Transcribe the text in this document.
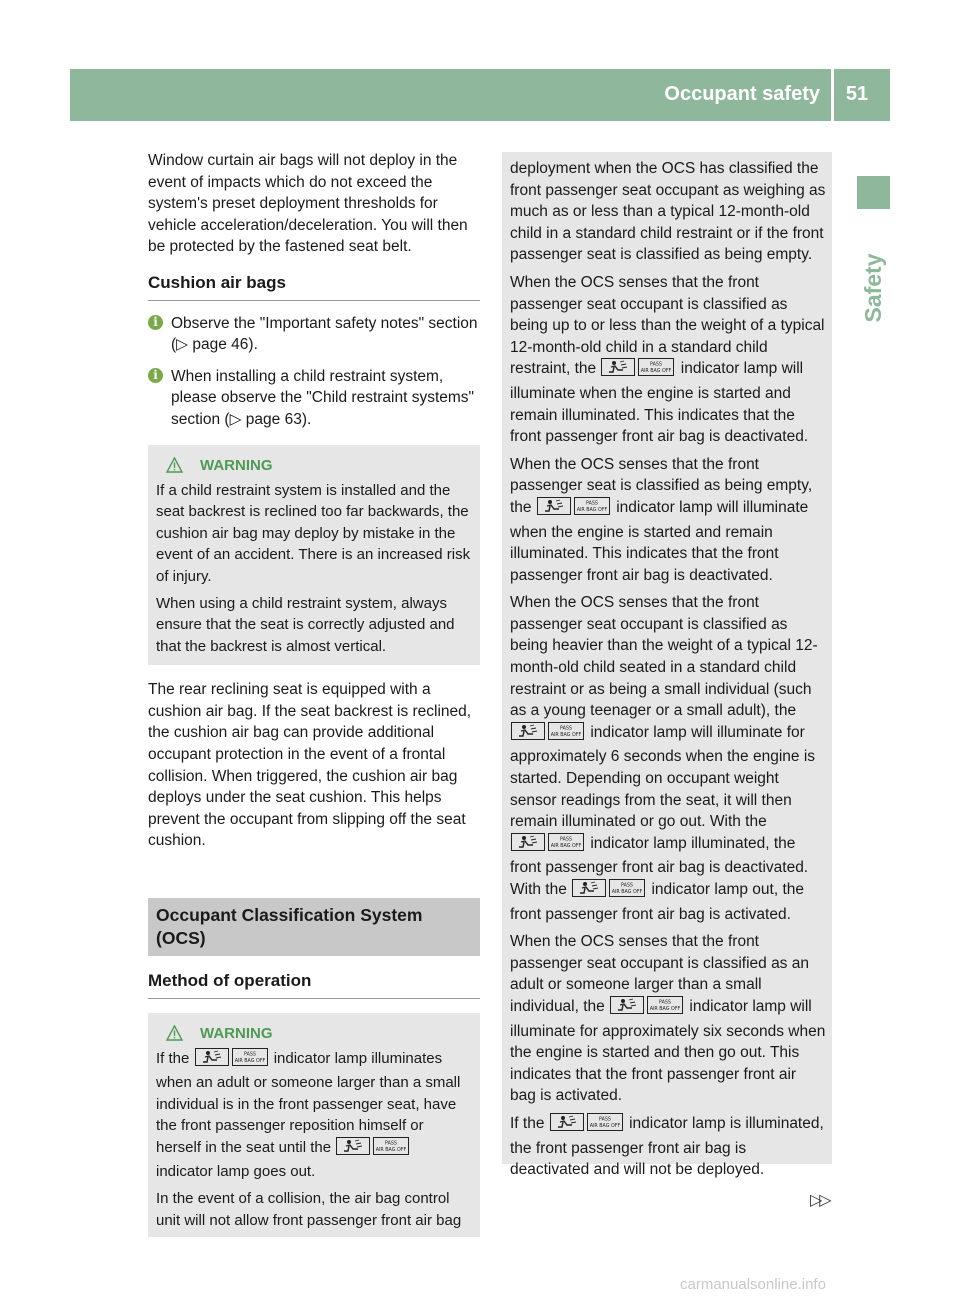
Occupant safety	51
Safety

Window curtain air bags will not deploy in the event of impacts which do not exceed the system's preset deployment thresholds for vehicle acceleration/deceleration. You will then be protected by the fastened seat belt.

Cushion air bags
i Observe the "Important safety notes" section (▷ page 46).
i When installing a child restraint system, please observe the "Child restraint systems" section (▷ page 63).
WARNING

If a child restraint system is installed and the seat backrest is reclined too far backwards, the cushion air bag may deploy by mistake in the event of an accident. There is an increased risk of injury.

When using a child restraint system, always ensure that the seat is correctly adjusted and that the backrest is almost vertical.

The rear reclining seat is equipped with a cushion air bag. If the seat backrest is reclined, the cushion air bag can provide additional occupant protection in the event of a frontal collision. When triggered, the cushion air bag deploys under the seat cushion. This helps prevent the occupant from slipping off the seat cushion.

Occupant Classification System (OCS)
Method of operation
WARNING

If the	PASS
AIR BAG OFF indicator lamp illuminates when an adult or someone larger than a small individual is in the front passenger seat, have the front passenger reposition himself or herself in the seat until the	PASS
AIR BAG OFF
indicator lamp goes out.

In the event of a collision, the air bag control unit will not allow front passenger front air bag

deployment when the OCS has classified the front passenger seat occupant as weighing as much as or less than a typical 12-month-old child in a standard child restraint or if the front passenger seat is classified as being empty.

When the OCS senses that the front passenger seat occupant is classified as being up to or less than the weight of a typical 12-month-old child in a standard child restraint, the	PASS
AIR BAG OFF indicator lamp will illuminate when the engine is started and remain illuminated. This indicates that the front passenger front air bag is deactivated.

When the OCS senses that the front passenger seat is classified as being empty, the	PASS
AIR BAG OFF indicator lamp will illuminate when the engine is started and remain illuminated. This indicates that the front passenger front air bag is deactivated.

When the OCS senses that the front passenger seat occupant is classified as being heavier than the weight of a typical 12-month-old child seated in a standard child restraint or as being a small individual (such as a young teenager or a small adult), the
PASS
AIR BAG OFF indicator lamp will illuminate for approximately 6 seconds when the engine is started. Depending on occupant weight sensor readings from the seat, it will then remain illuminated or go out. With the
PASS
AIR BAG OFF indicator lamp illuminated, the front passenger front air bag is deactivated. With the	PASS
AIR BAG OFF indicator lamp out, the front passenger front air bag is activated.

When the OCS senses that the front passenger seat occupant is classified as an adult or someone larger than a small individual, the	PASS
AIR BAG OFF indicator lamp will illuminate for approximately six seconds when the engine is started and then go out. This indicates that the front passenger front air bag is activated.

If the	PASS
AIR BAG OFF indicator lamp is illuminated, the front passenger front air bag is deactivated and will not be deployed.

▷▷
carmanualsonline.info
